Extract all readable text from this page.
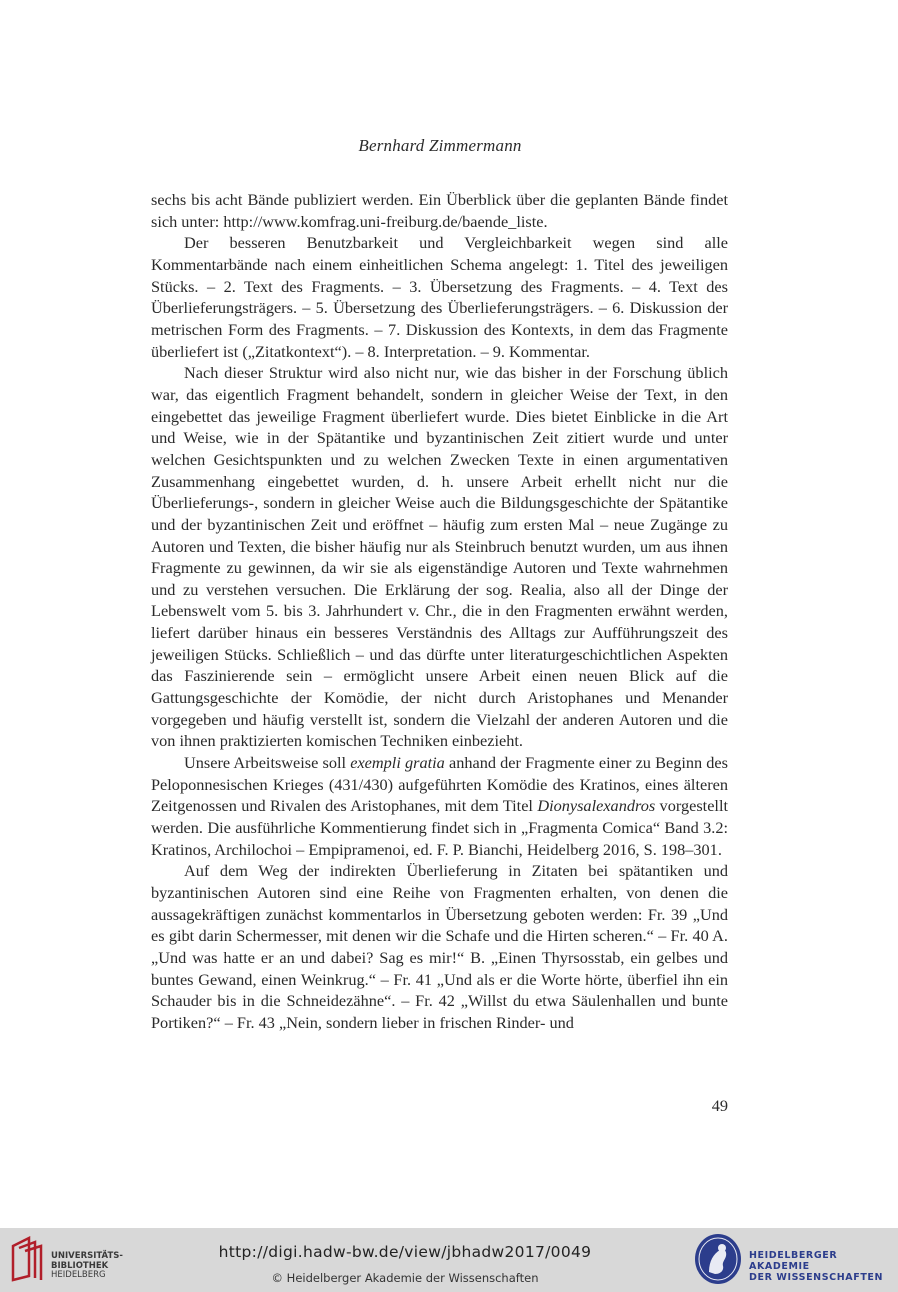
Bernhard Zimmermann

sechs bis acht Bände publiziert werden. Ein Überblick über die geplanten Bände findet sich unter: http://www.komfrag.uni-freiburg.de/baende_liste.

Der besseren Benutzbarkeit und Vergleichbarkeit wegen sind alle Kommentarbände nach einem einheitlichen Schema angelegt: 1. Titel des jeweiligen Stücks. – 2. Text des Fragments. – 3. Übersetzung des Fragments. – 4. Text des Überlieferungsträgers. – 5. Übersetzung des Überlieferungsträgers. – 6. Diskussion der metrischen Form des Fragments. – 7. Diskussion des Kontexts, in dem das Fragmente überliefert ist („Zitatkontext“). – 8. Interpretation. – 9. Kommentar.

Nach dieser Struktur wird also nicht nur, wie das bisher in der Forschung üblich war, das eigentlich Fragment behandelt, sondern in gleicher Weise der Text, in den eingebettet das jeweilige Fragment überliefert wurde. Dies bietet Einblicke in die Art und Weise, wie in der Spätantike und byzantinischen Zeit zitiert wurde und unter welchen Gesichtspunkten und zu welchen Zwecken Texte in einen argumentativen Zusammenhang eingebettet wurden, d. h. unsere Arbeit erhellt nicht nur die Überlieferungs-, sondern in gleicher Weise auch die Bildungsgeschichte der Spätantike und der byzantinischen Zeit und eröffnet – häufig zum ersten Mal – neue Zugänge zu Autoren und Texten, die bisher häufig nur als Steinbruch benutzt wurden, um aus ihnen Fragmente zu gewinnen, da wir sie als eigenständige Autoren und Texte wahrnehmen und zu verstehen versuchen. Die Erklärung der sog. Realia, also all der Dinge der Lebenswelt vom 5. bis 3. Jahrhundert v. Chr., die in den Fragmenten erwähnt werden, liefert darüber hinaus ein besseres Verständnis des Alltags zur Aufführungszeit des jeweiligen Stücks. Schließlich – und das dürfte unter literaturgeschichtlichen Aspekten das Faszinierende sein – ermöglicht unsere Arbeit einen neuen Blick auf die Gattungsgeschichte der Komödie, der nicht durch Aristophanes und Menander vorgegeben und häufig verstellt ist, sondern die Vielzahl der anderen Autoren und die von ihnen praktizierten komischen Techniken einbezieht.

Unsere Arbeitsweise soll exempli gratia anhand der Fragmente einer zu Beginn des Peloponnesischen Krieges (431/430) aufgeführten Komödie des Kratinos, eines älteren Zeitgenossen und Rivalen des Aristophanes, mit dem Titel Dionysalexandros vorgestellt werden. Die ausführliche Kommentierung findet sich in „Fragmenta Comica“ Band 3.2: Kratinos, Archilochoi – Empipramenoi, ed. F. P. Bianchi, Heidelberg 2016, S. 198–301.

Auf dem Weg der indirekten Überlieferung in Zitaten bei spätantiken und byzantinischen Autoren sind eine Reihe von Fragmenten erhalten, von denen die aussagekräftigen zunächst kommentarlos in Übersetzung geboten werden: Fr. 39 „Und es gibt darin Schermesser, mit denen wir die Schafe und die Hirten scheren.“ – Fr. 40 A. „Und was hatte er an und dabei? Sag es mir!“ B. „Einen Thyrsosstab, ein gelbes und buntes Gewand, einen Weinkrug.“ – Fr. 41 „Und als er die Worte hörte, überfiel ihn ein Schauder bis in die Schneidezähne“. – Fr. 42 „Willst du etwa Säulenhallen und bunte Portiken?“ – Fr. 43 „Nein, sondern lieber in frischen Rinder- und

49
UNIVERSITÄTS-
BIBLIOTHEK
HEIDELBERG
http://digi.hadw-bw.de/view/jbhadw2017/0049
© Heidelberger Akademie der Wissenschaften
HEIDELBERGER AKADEMIE
DER WISSENSCHAFTEN
